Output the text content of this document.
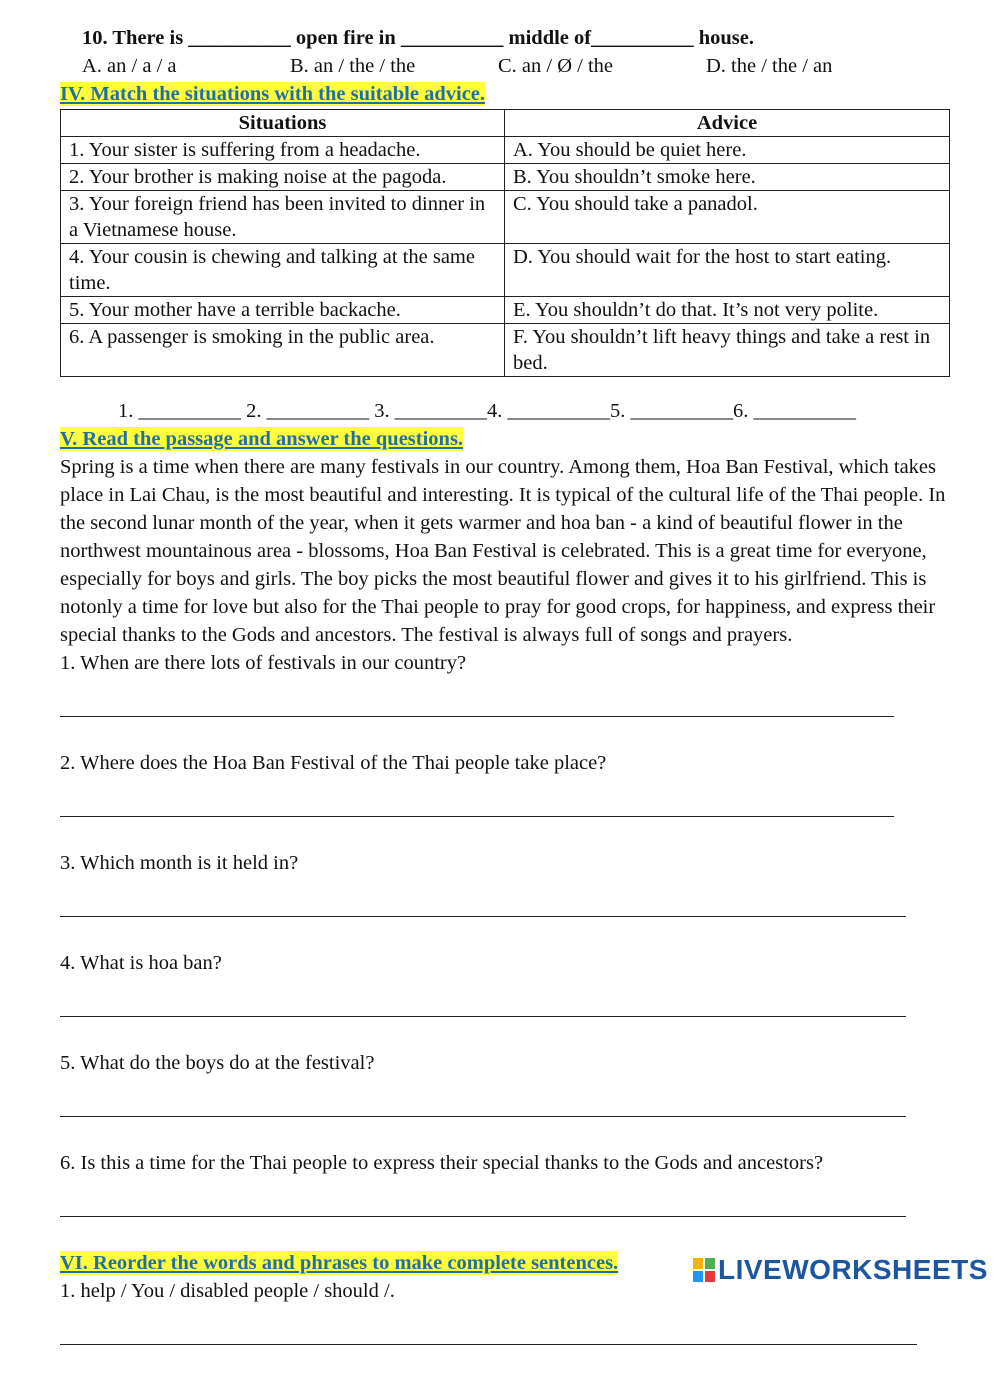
10. There is __________ open fire in __________ middle of__________ house.
A. an / a / a	B. an / the / the	C. an / Ø / the	D. the / the / an
IV. Match the situations with the suitable advice.
Situations	Advice
1. Your sister is suffering from a headache.	A. You should be quiet here.
2. Your brother is making noise at the pagoda.	B. You shouldn’t smoke here.
3. Your foreign friend has been invited to dinner in a Vietnamese house.	C. You should take a panadol.
4. Your cousin is chewing and talking at the same time.	D. You should wait for the host to start eating.
5. Your mother have a terrible backache.	E. You shouldn’t do that. It’s not very polite.
6. A passenger is smoking in the public area.	F. You shouldn’t lift heavy things and take a rest in bed.
1. __________ 2. __________ 3. _________4. __________5. __________6. __________
V. Read the passage and answer the questions.

Spring is a time when there are many festivals in our country. Among them, Hoa Ban Festival, which takes place in Lai Chau, is the most beautiful and interesting. It is typical of the cultural life of the Thai people. In the second lunar month of the year, when it gets warmer and hoa ban - a kind of beautiful flower in the northwest mountainous area - blossoms, Hoa Ban Festival is celebrated. This is a great time for everyone, especially for boys and girls. The boy picks the most beautiful flower and gives it to his girlfriend. This is notonly a time for love but also for the Thai people to pray for good crops, for happiness, and express their special thanks to the Gods and ancestors. The festival is always full of songs and prayers.

1. When are there lots of festivals in our country?
2. Where does the Hoa Ban Festival of the Thai people take place?
3. Which month is it held in?
4. What is hoa ban?
5. What do the boys do at the festival?
6. Is this a time for the Thai people to express their special thanks to the Gods and ancestors?
VI. Reorder the words and phrases to make complete sentences.
1. help / You / disabled people / should /.
LIVEWORKSHEETS
